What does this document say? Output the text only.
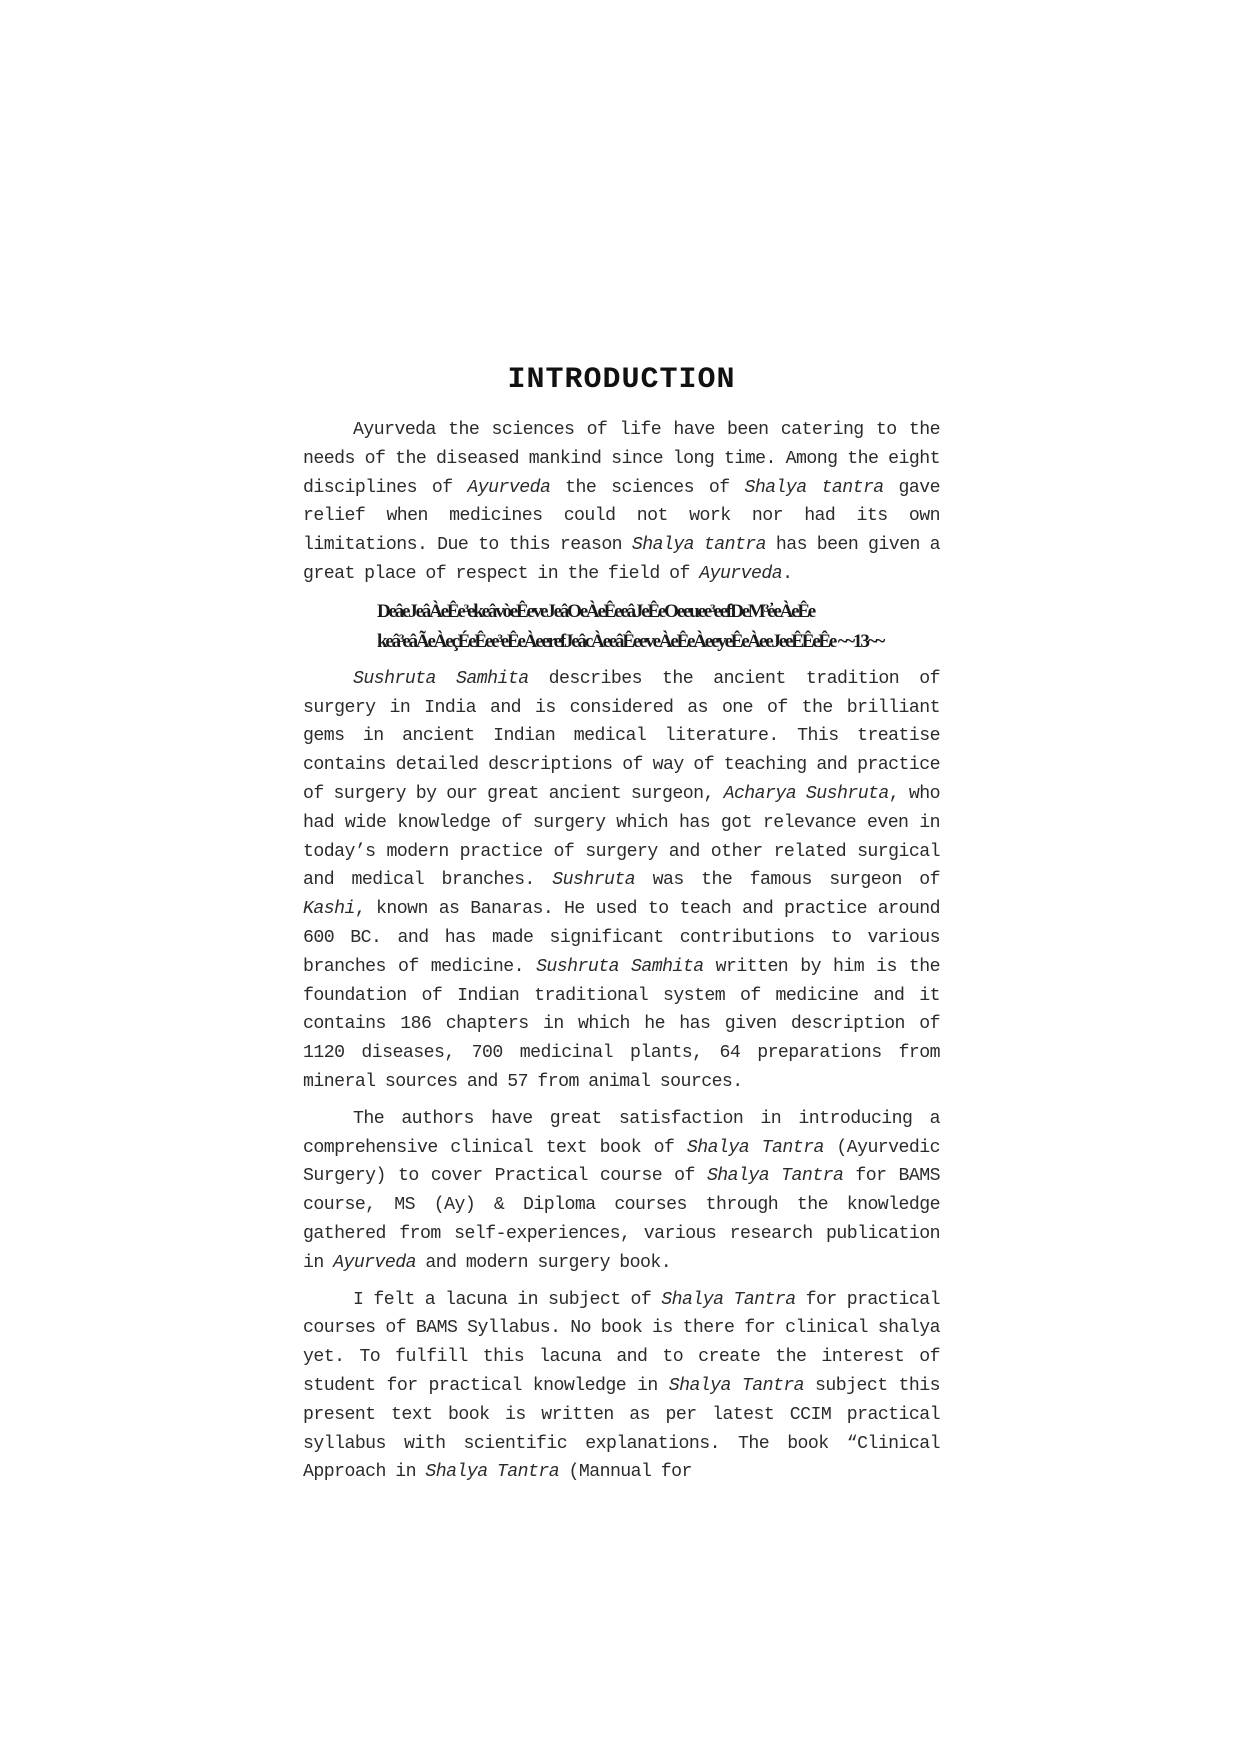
INTRODUCTION

Ayurveda the sciences of life have been catering to the needs of the diseased mankind since long time. Among the eight disciplines of Ayurveda the sciences of Shalya tantra gave relief when medicines could not work nor had its own limitations. Due to this reason Shalya tantra has been given a great place of respect in the field of Ayurveda.

DeâeJeâÀeÊe³ekeâvòeÊeveJeâOeÀeÊeeâJeÊeOeeuee³eefDeM³e̓eÀeÊe
keâ³eâÃeÀeçÉeÊee³eÊeÀeerefJeâcÀeeâÊeeveÀeÊeÀeeyeÊeÀeeJeeÊÊeÊe ~~13~~

Sushruta Samhita describes the ancient tradition of surgery in India and is considered as one of the brilliant gems in ancient Indian medical literature. This treatise contains detailed descriptions of way of teaching and practice of surgery by our great ancient surgeon, Acharya Sushruta, who had wide knowledge of surgery which has got relevance even in today’s modern practice of surgery and other related surgical and medical branches. Sushruta was the famous surgeon of Kashi, known as Banaras. He used to teach and practice around 600 BC. and has made significant contributions to various branches of medicine. Sushruta Samhita written by him is the foundation of Indian traditional system of medicine and it contains 186 chapters in which he has given description of 1120 diseases, 700 medicinal plants, 64 preparations from mineral sources and 57 from animal sources.

The authors have great satisfaction in introducing a comprehensive clinical text book of Shalya Tantra (Ayurvedic Surgery) to cover Practical course of Shalya Tantra for BAMS course, MS (Ay) & Diploma courses through the knowledge gathered from self-experiences, various research publication in Ayurveda and modern surgery book.

I felt a lacuna in subject of Shalya Tantra for practical courses of BAMS Syllabus. No book is there for clinical shalya yet. To fulfill this lacuna and to create the interest of student for practical knowledge in Shalya Tantra subject this present text book is written as per latest CCIM practical syllabus with scientific explanations. The book “Clinical Approach in Shalya Tantra (Mannual for
